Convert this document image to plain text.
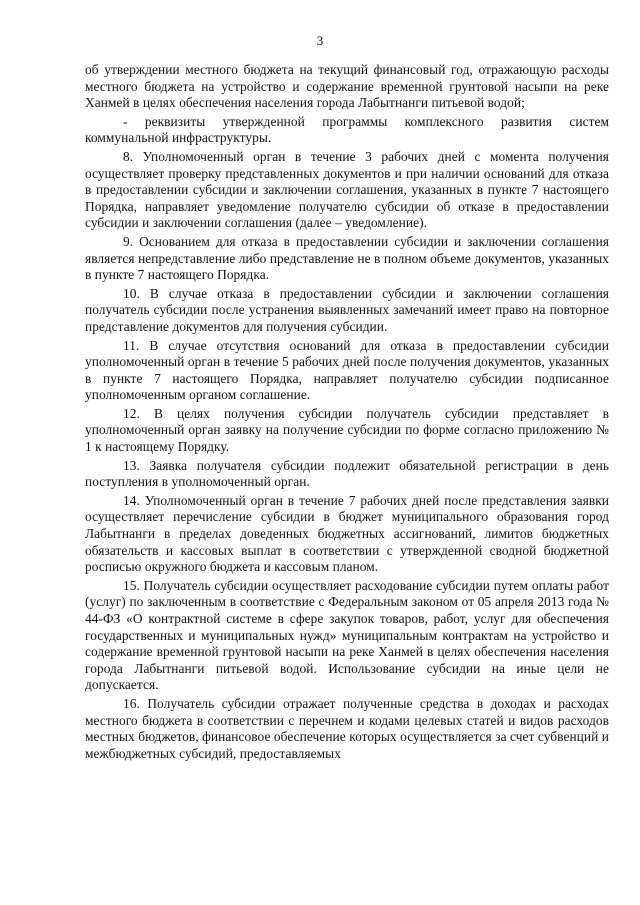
3

об утверждении местного бюджета на текущий финансовый год, отражающую расходы местного бюджета на устройство и содержание временной грунтовой насыпи на реке Ханмей в целях обеспечения населения города Лабытнанги питьевой водой;

- реквизиты утвержденной программы комплексного развития систем коммунальной инфраструктуры.

8. Уполномоченный орган в течение 3 рабочих дней с момента получения осуществляет проверку представленных документов и при наличии оснований для отказа в предоставлении субсидии и заключении соглашения, указанных в пункте 7 настоящего Порядка, направляет уведомление получателю субсидии об отказе в предоставлении субсидии и заключении соглашения (далее – уведомление).

9. Основанием для отказа в предоставлении субсидии и заключении соглашения является непредставление либо представление не в полном объеме документов, указанных в пункте 7 настоящего Порядка.

10. В случае отказа в предоставлении субсидии и заключении соглашения получатель субсидии после устранения выявленных замечаний имеет право на повторное представление документов для получения субсидии.

11. В случае отсутствия оснований для отказа в предоставлении субсидии уполномоченный орган в течение 5 рабочих дней после получения документов, указанных в пункте 7 настоящего Порядка, направляет получателю субсидии подписанное уполномоченным органом соглашение.

12. В целях получения субсидии получатель субсидии представляет в уполномоченный орган заявку на получение субсидии по форме согласно приложению № 1 к настоящему Порядку.

13. Заявка получателя субсидии подлежит обязательной регистрации в день поступления в уполномоченный орган.

14. Уполномоченный орган в течение 7 рабочих дней после представления заявки осуществляет перечисление субсидии в бюджет муниципального образования город Лабытнанги в пределах доведенных бюджетных ассигнований, лимитов бюджетных обязательств и кассовых выплат в соответствии с утвержденной сводной бюджетной росписью окружного бюджета и кассовым планом.

15. Получатель субсидии осуществляет расходование субсидии путем оплаты работ (услуг) по заключенным в соответствие с Федеральным законом от 05 апреля 2013 года № 44-ФЗ «О контрактной системе в сфере закупок товаров, работ, услуг для обеспечения государственных и муниципальных нужд» муниципальным контрактам на устройство и содержание временной грунтовой насыпи на реке Ханмей в целях обеспечения населения города Лабытнанги питьевой водой. Использование субсидии на иные цели не допускается.

16. Получатель субсидии отражает полученные средства в доходах и расходах местного бюджета в соответствии с перечнем и кодами целевых статей и видов расходов местных бюджетов, финансовое обеспечение которых осуществляется за счет субвенций и межбюджетных субсидий, предоставляемых
